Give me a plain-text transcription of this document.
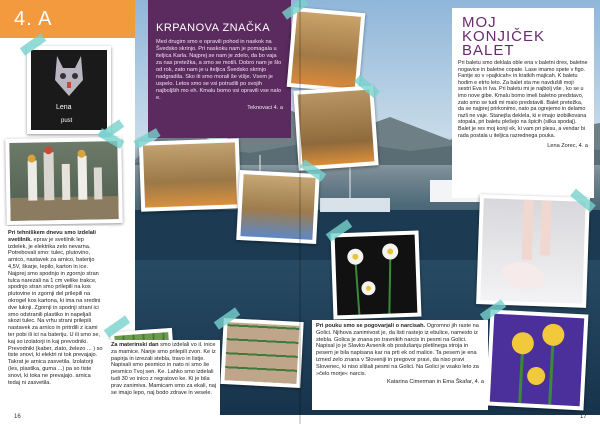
4. A
Lena
pust
KRPANOVA ZNAČKA

Med drugim smo e opravili pohod in naskok na Švedsko skrinjo. Pri naskoku nam je pomagala u iteljica Karla. Najprej se nam je zdelo, da bo vaja za nas pretežka, a smo se motili. Dobro nam je šlo od rok, zato nam je u iteljica Švedsko skrinjo nadgradila. Sko iti smo morali še višje. Vsem je uspelo. Letos smo se vsi potrudili po svojih najboljših mo eh. Kmalu bomo vsi opravili vse nalo e.

Teknovaci 4. a
MOJ
KONJIČEK
BALET

Pri baletu smo deklala oble ena v baletni dres, baletne nogavice in baletne copate. Lase imamo spete v figo. Fantje so v »pajkicah« in kratkih majicah. K baletu hodim e etrto leto. Za balet sta me navdušili moji sestri Eva in Iva. Pri baletu mi je najbolj vše , ko se u imo nove gibe. Kmalu bomo imeli baletno predstavo, zato smo se tudi mi malo predstavili. Balet pretežka, da se najprej prirkonimo, nato pa ogrejemo in delamo razli ne vaje. Stanejša deklela, ki e imajo izobilkovana stopala, pri baletu plešejo na špicih (silka spodaj). Balet je res moj konji ek, ki vam pri plesu, a vendar bi rada postala u iteljica razrednega pouka.

Lena Zorec, 4. a
Pri tehniškem dnevu smo izdelali svetilnik. eprav je svetilnik lep izdelek, je elektrika zelo nevarna. Potrebovali smo: tulec, plutovino, arnico, nastavek za arnico, baterijo 4,5V, škarje, lepilo, karton in ice. Najprej smo spodnjo in zgornjo stran tulca narezali na 1 cm velike trakce, spodnjo stran smo prilepili na kos plutovine in zgornji del prilepili na okrogel kos kartona, ki ima na sredini dve luknji. Zgornji in spodnji strani ici smo odstranili plastiko in napeljali skozi tulec. Na vrhu strani prilepili nastavek za arnico in pritrdili z icami ter pobi ili ici na bateriju. U ili smo se, kaj so izolatorji in kaj prevodniki. Prevodniki (kaber, zlato, železo ... ) so tiste snovi, ki elektri ni tok prevajajo. Takrat je arnica zasvetila. Izolatorji (les, plastika, guma ...) pa so tiste snovi, ki toka ne prevajajo. arnica tedaj ni zasvetila.
Za materinski dan smo izdelali vo il. inice za mamice. Nanje smo prilepili zvon. Ke iz papirja in izrezali stebla, travo in listje. Napisali smo pesmico in nato ni smo še pesmico Tvoj sen. Ke. Lahko smo izdelali tudi 30 vo inico z regratovo ke. Ki je bila prav zanimiva. Mamicam smo za ekali, naj se imajo lepo, naj bodo zdrave in vesele.
Pri pouku smo se pogovarjali o narcisah. Ogromno jih raste na Golici. Njihova zanimivost je, da listi rastejo iz ebulice, namesto iz stebla. Golica je znana po travnikih narcis in pesmi na Golici. Napisal jo je Slavko Avsenik ob poslušanju pletilnega stroja in pesem je bila napisana kar na prti ek od malice. Ta pesem je ena izmed zelo znana v Sloveniji in pregovor pravi, da niso pravi Slovenec, ki niso slišali pesmi na Golici. Na Golici je vsako leto za »čelo morje« narcis.
Katarina Cimerman in Ema Škafar, 4. a
16	17
